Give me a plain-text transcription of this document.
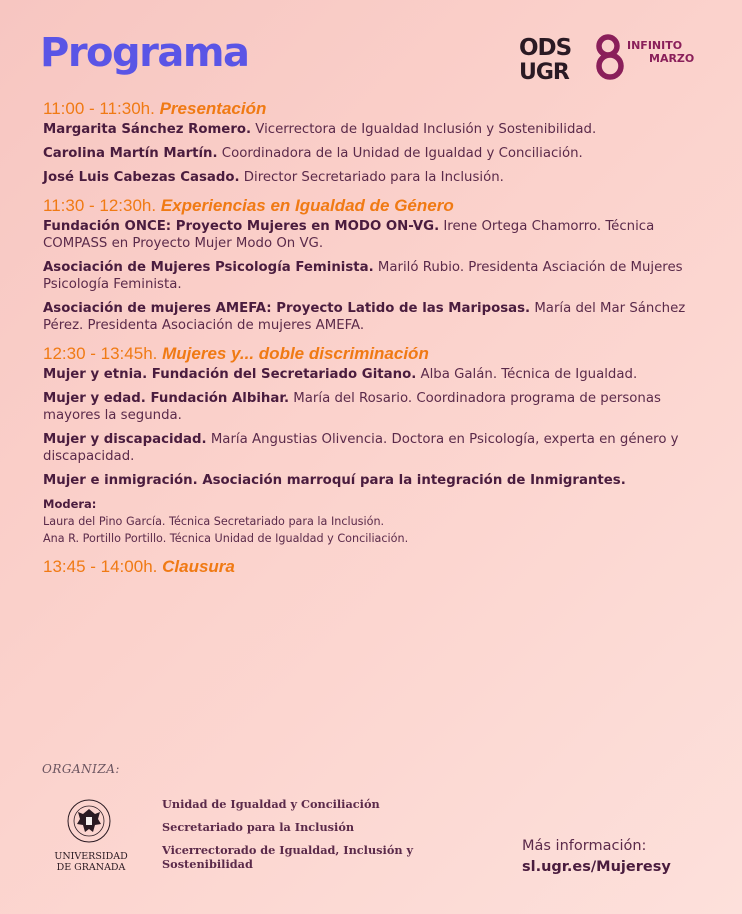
Programa	ODS
UGR
INFINITO
MARZO
11:00 - 11:30h. Presentación
Margarita Sánchez Romero. Vicerrectora de Igualdad Inclusión y Sostenibilidad.
Carolina Martín Martín. Coordinadora de la Unidad de Igualdad y Conciliación.
José Luis Cabezas Casado. Director Secretariado para la Inclusión.
11:30 - 12:30h. Experiencias en Igualdad de Género
Fundación ONCE: Proyecto Mujeres en MODO ON-VG. Irene Ortega Chamorro. Técnica COMPASS en Proyecto Mujer Modo On VG.
Asociación de Mujeres Psicología Feminista. Mariló Rubio. Presidenta Asciación de Mujeres Psicología Feminista.
Asociación de mujeres AMEFA: Proyecto Latido de las Mariposas. María del Mar Sánchez Pérez. Presidenta Asociación de mujeres AMEFA.
12:30 - 13:45h. Mujeres y... doble discriminación
Mujer y etnia. Fundación del Secretariado Gitano. Alba Galán. Técnica de Igualdad.
Mujer y edad. Fundación Albihar. María del Rosario. Coordinadora programa de personas mayores la segunda.
Mujer y discapacidad. María Angustias Olivencia. Doctora en Psicología, experta en género y discapacidad.
Mujer e inmigración. Asociación marroquí para la integración de Inmigrantes.
Modera:
Laura del Pino García. Técnica Secretariado para la Inclusión.
Ana R. Portillo Portillo. Técnica Unidad de Igualdad y Conciliación.
13:45 - 14:00h. Clausura
ORGANIZA:
UNIVERSIDAD
DE GRANADA
Unidad de Igualdad y Conciliación
Secretariado para la Inclusión
Vicerrectorado de Igualdad, Inclusión y Sostenibilidad
Más información:
sl.ugr.es/Mujeresy
